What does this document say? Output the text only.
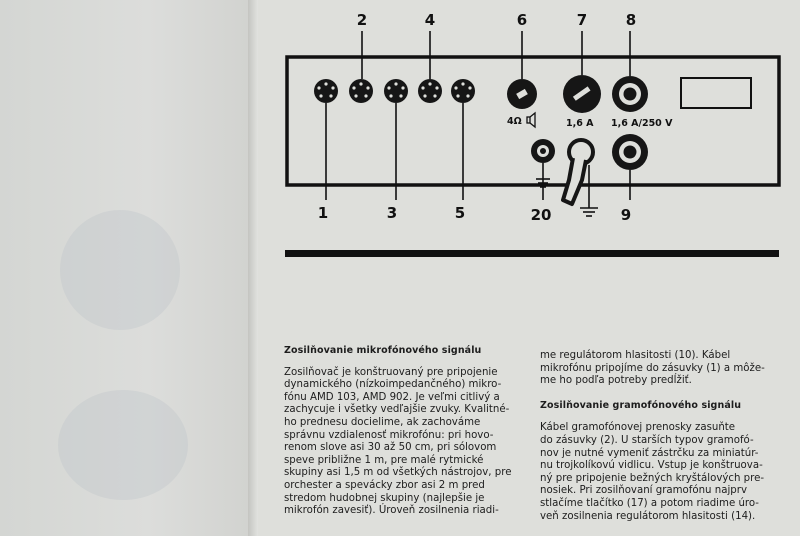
2	4	6	7	8
1	3	5	20	9
4Ω	1,6 A 1,6 A/250 V
Zosilňovanie mikrofónového signálu

Zosilňovač je konštruovaný pre pripojenie
dynamického (nízkoimpedančného) mikro-
fónu AMD 103, AMD 902. Je veľmi citlivý a
zachycuje i všetky vedľajšie zvuky. Kvalitné-
ho prednesu docielime, ak zachováme
správnu vzdialenosť mikrofónu: pri hovo-
renom slove asi 30 až 50 cm, pri sólovom
speve približne 1 m, pre malé rytmické
skupiny asi 1,5 m od všetkých nástrojov, pre
orchester a spevácky zbor asi 2 m pred
stredom hudobnej skupiny (najlepšie je
mikrofón zavesiť). Úroveň zosilnenia riadi-

me regulátorom hlasitosti (10). Kábel
mikrofónu pripojíme do zásuvky (1) a môže-
me ho podľa potreby predĺžiť.

Zosilňovanie gramofónového signálu

Kábel gramofónovej prenosky zasuňte
do zásuvky (2). U starších typov gramofó-
nov je nutné vymeniť zástrčku za miniatúr-
nu trojkolíkovú vidlicu. Vstup je konštruova-
ný pre pripojenie bežných kryštálových pre-
nosiek. Pri zosilňovaní gramofónu najprv
stlačíme tlačítko (17) a potom riadime úro-
veň zosilnenia regulátorom hlasitosti (14).
